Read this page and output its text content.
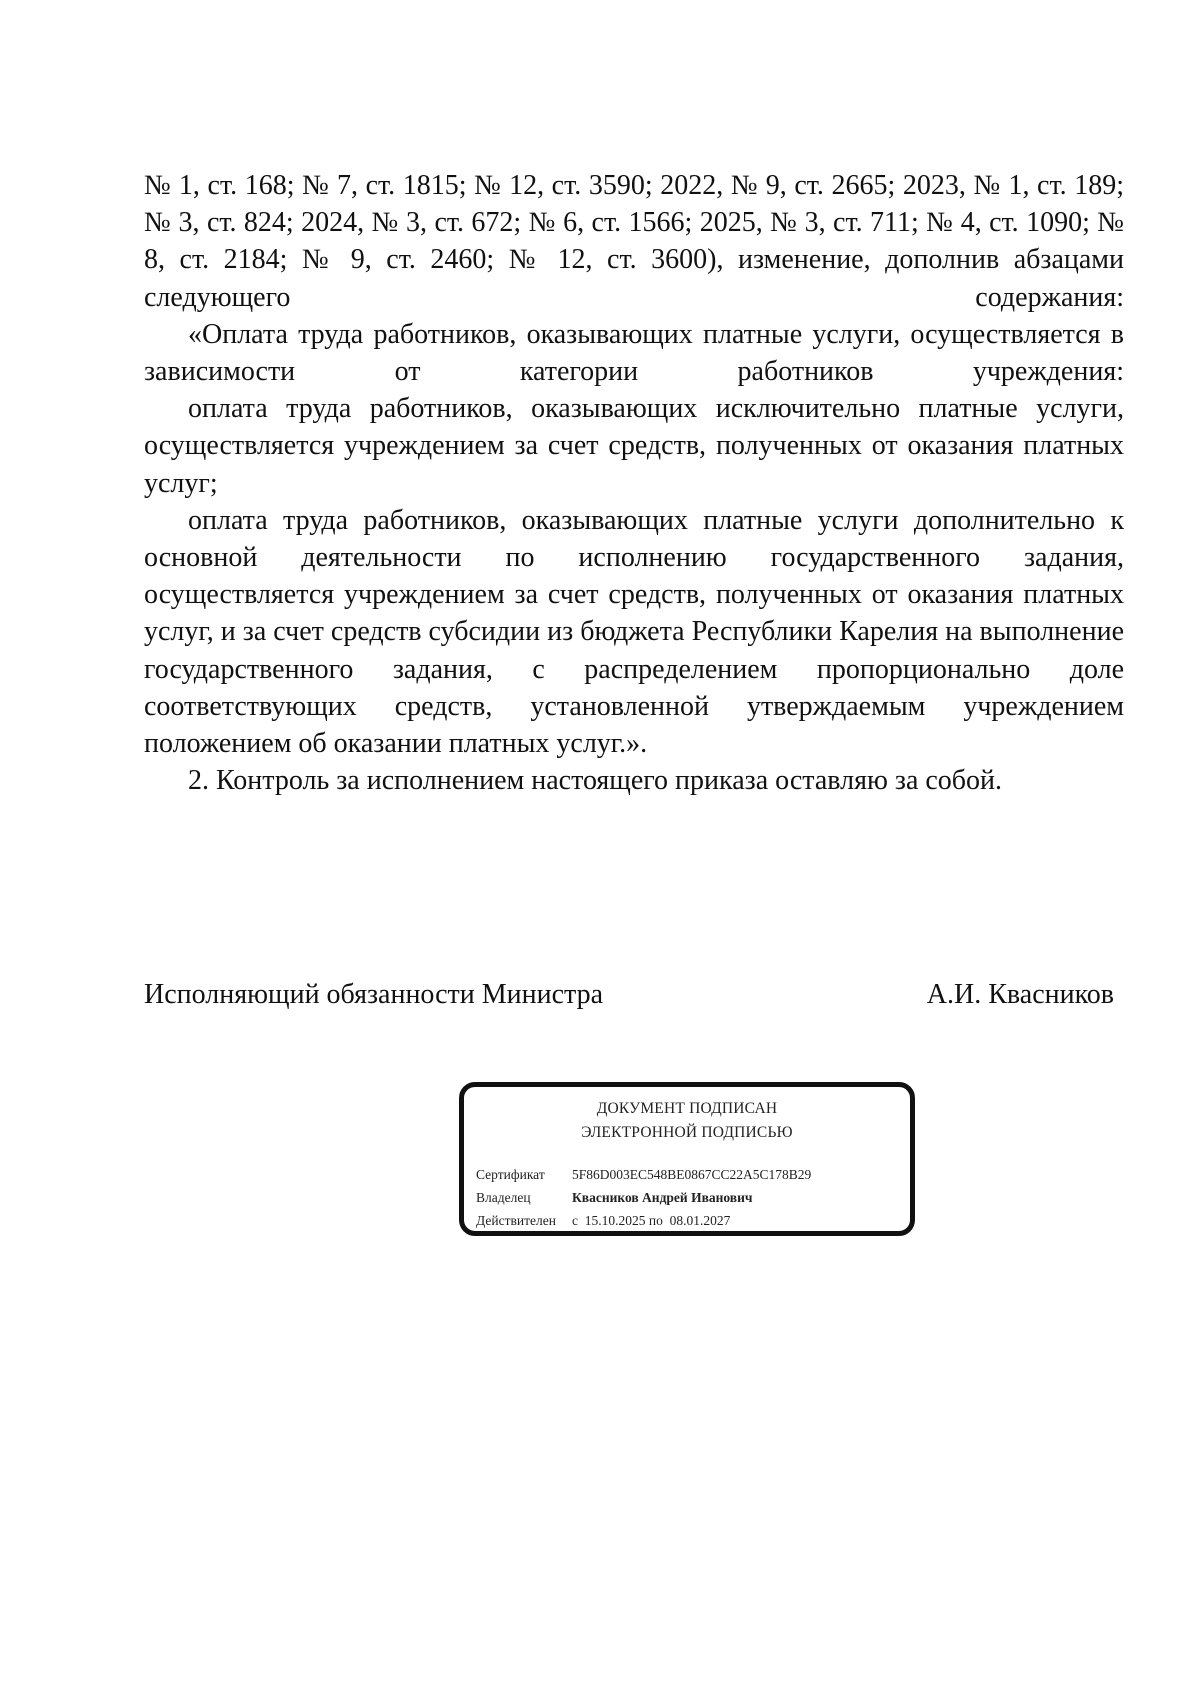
№ 1, ст. 168; № 7, ст. 1815; № 12, ст. 3590; 2022, № 9, ст. 2665; 2023, № 1, ст. 189; № 3, ст. 824; 2024, № 3, ст. 672; № 6, ст. 1566; 2025, № 3, ст. 711; № 4, ст. 1090; № 8, ст. 2184; № 9, ст. 2460; № 12, ст. 3600), изменение, дополнив абзацами следующего содержания:

«Оплата труда работников, оказывающих платные услуги, осуществляется в зависимости от категории работников учреждения:

оплата труда работников, оказывающих исключительно платные услуги, осуществляется учреждением за счет средств, полученных от оказания платных услуг;

оплата труда работников, оказывающих платные услуги дополнительно к основной деятельности по исполнению государственного задания, осуществляется учреждением за счет средств, полученных от оказания платных услуг, и за счет средств субсидии из бюджета Республики Карелия на выполнение государственного задания, с распределением пропорционально доле соответствующих средств, установленной утверждаемым учреждением положением об оказании платных услуг.».

2. Контроль за исполнением настоящего приказа оставляю за собой.

Исполняющий обязанности Министра	А.И. Квасников
ДОКУМЕНТ ПОДПИСАН
ЭЛЕКТРОННОЙ ПОДПИСЬЮ
Сертификат 5F86D003EC548BE0867CC22A5C178B29
Владелец	Квасников Андрей Иванович
Действителен с 15.10.2025 по 08.01.2027
